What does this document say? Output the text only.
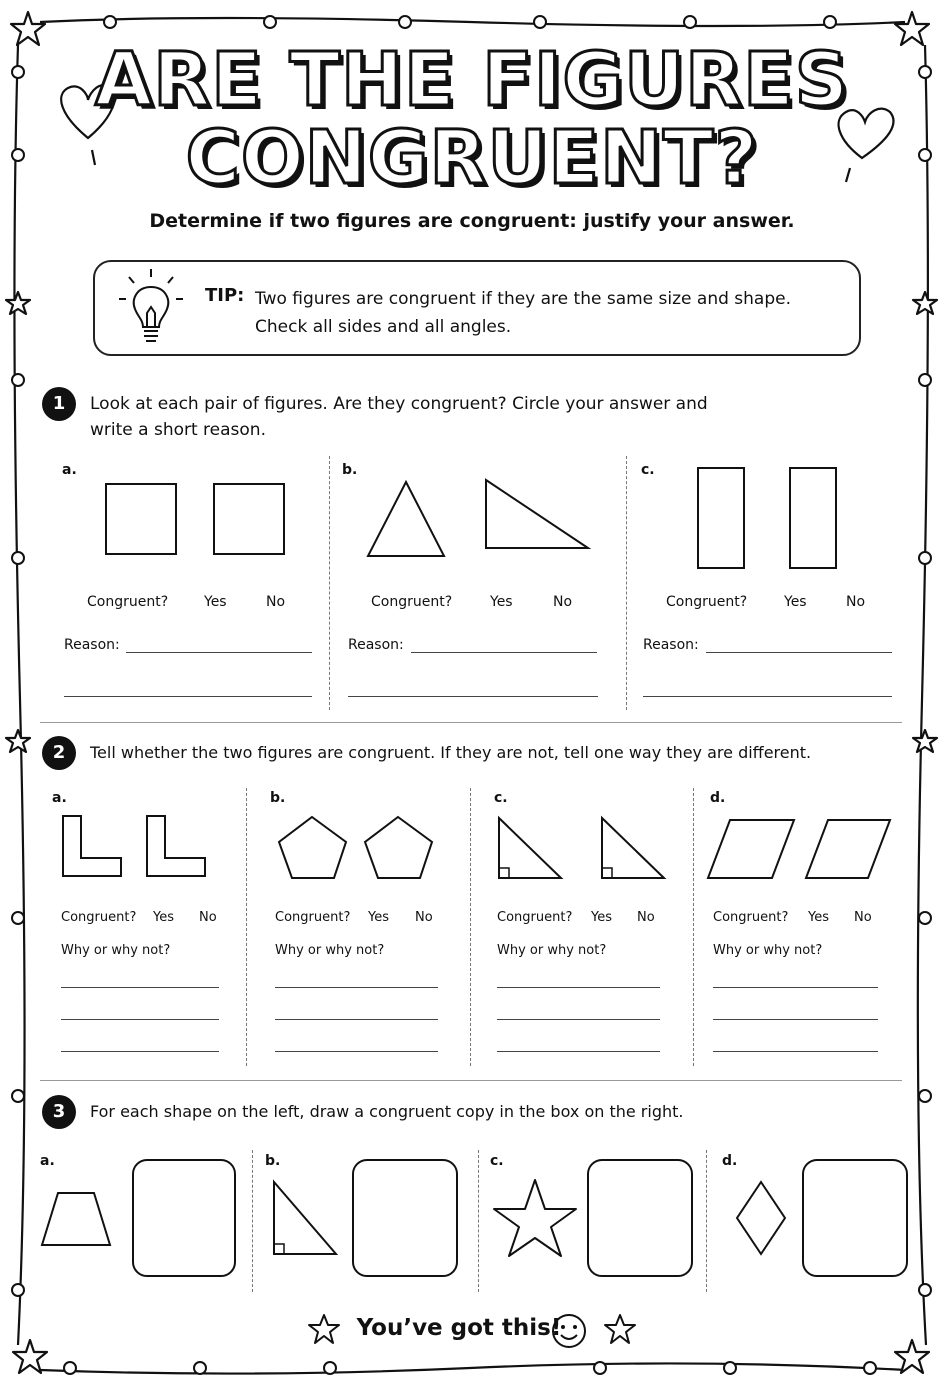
ARE THE FIGURES
CONGRUENT?
Determine if two figures are congruent: justify your answer.
TIP: Two figures are congruent if they are the same size and shape.
Check all sides and all angles.
1	Look at each pair of figures. Are they congruent? Circle your answer and
write a short reason.
a.
Congruent?	Yes	No
Reason:
b.
Congruent?	Yes	No
Reason:
c.
Congruent?	Yes	No
Reason:
2	Tell whether the two figures are congruent. If they are not, tell one way they are different.
a.
Congruent? Yes No
Why or why not?
b.
Congruent? Yes No
Why or why not?
c.
Congruent? Yes No
Why or why not?
d.
Congruent? Yes No
Why or why not?
3	For each shape on the left, draw a congruent copy in the box on the right.
a.	b.	c.	d.
You’ve got this!
